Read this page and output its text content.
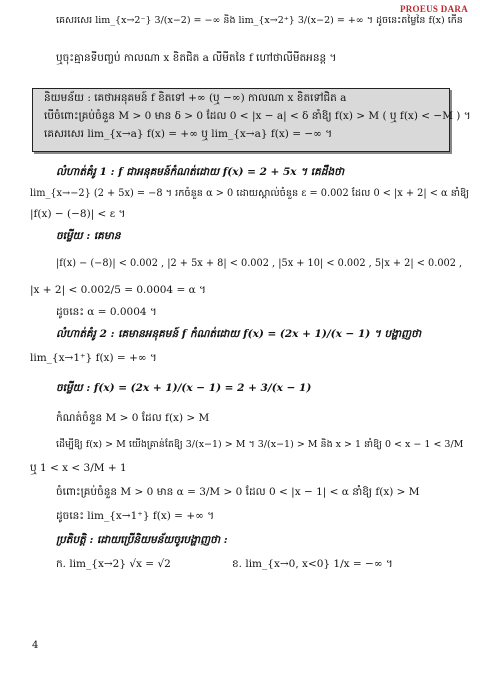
PROEUS DARA
គេសរសេរ lim_{x→2⁻} 3/(x−2) = −∞ និង lim_{x→2⁺} 3/(x−2) = +∞ ។ ដូចនេះតម្លៃនៃ f(x) កើន
ឬចុះគ្មានទីបញ្ចប់ កាលណា x ខិតជិត a លីមីតនៃ f ហៅថាលីមីតអនន្ត ។
និយមន័យ : គេថាអនុគមន៍ f ខិតទៅ +∞ (ឬ −∞) កាលណា x ខិតទៅជិត a
បើចំពោះគ្រប់ចំនួន M > 0 មាន δ > 0 ដែល 0 < |x − a| < δ នាំឱ្យ f(x) > M ( ឬ f(x) < −M ) ។
គេសរសេរ lim_{x→a} f(x) = +∞ ឬ lim_{x→a} f(x) = −∞ ។
លំហាត់គំរូ 1 : f ជាអនុគមន៍កំណត់ដោយ f(x) = 2 + 5x ។ គេដឹងថា
lim_{x→−2} (2 + 5x) = −8 ។ រកចំនួន α > 0 ដោយស្គាល់ចំនួន ε = 0.002 ដែល 0 < |x + 2| < α នាំឱ្យ
|f(x) − (−8)| < ε ។
ចម្លើយ : គេមាន
|f(x) − (−8)| < 0.002 , |2 + 5x + 8| < 0.002 , |5x + 10| < 0.002 , 5|x + 2| < 0.002 ,
|x + 2| < 0.002/5 = 0.0004 = α ។
ដូចនេះ α = 0.0004 ។
លំហាត់គំរូ 2 : គេមានអនុគមន៍ f កំណត់ដោយ f(x) = (2x + 1)/(x − 1) ។ បង្ហាញថា
lim_{x→1⁺} f(x) = +∞ ។
ចម្លើយ : f(x) = (2x + 1)/(x − 1) = 2 + 3/(x − 1)
កំណត់ចំនួន M > 0 ដែល f(x) > M
ដើម្បីឱ្យ f(x) > M យើងគ្រាន់តែឱ្យ 3/(x−1) > M ។ 3/(x−1) > M និង x > 1 នាំឱ្យ 0 < x − 1 < 3/M
ឬ 1 < x < 3/M + 1
ចំពោះគ្រប់ចំនួន M > 0 មាន α = 3/M > 0 ដែល 0 < |x − 1| < α នាំឱ្យ f(x) > M
ដូចនេះ lim_{x→1⁺} f(x) = +∞ ។
ប្រតិបត្តិ : ដោយប្រើនិយមន័យចូរបង្ហាញថា :
ក. lim_{x→2} √x = √2	ខ. lim_{x→0, x<0} 1/x = −∞ ។
4
